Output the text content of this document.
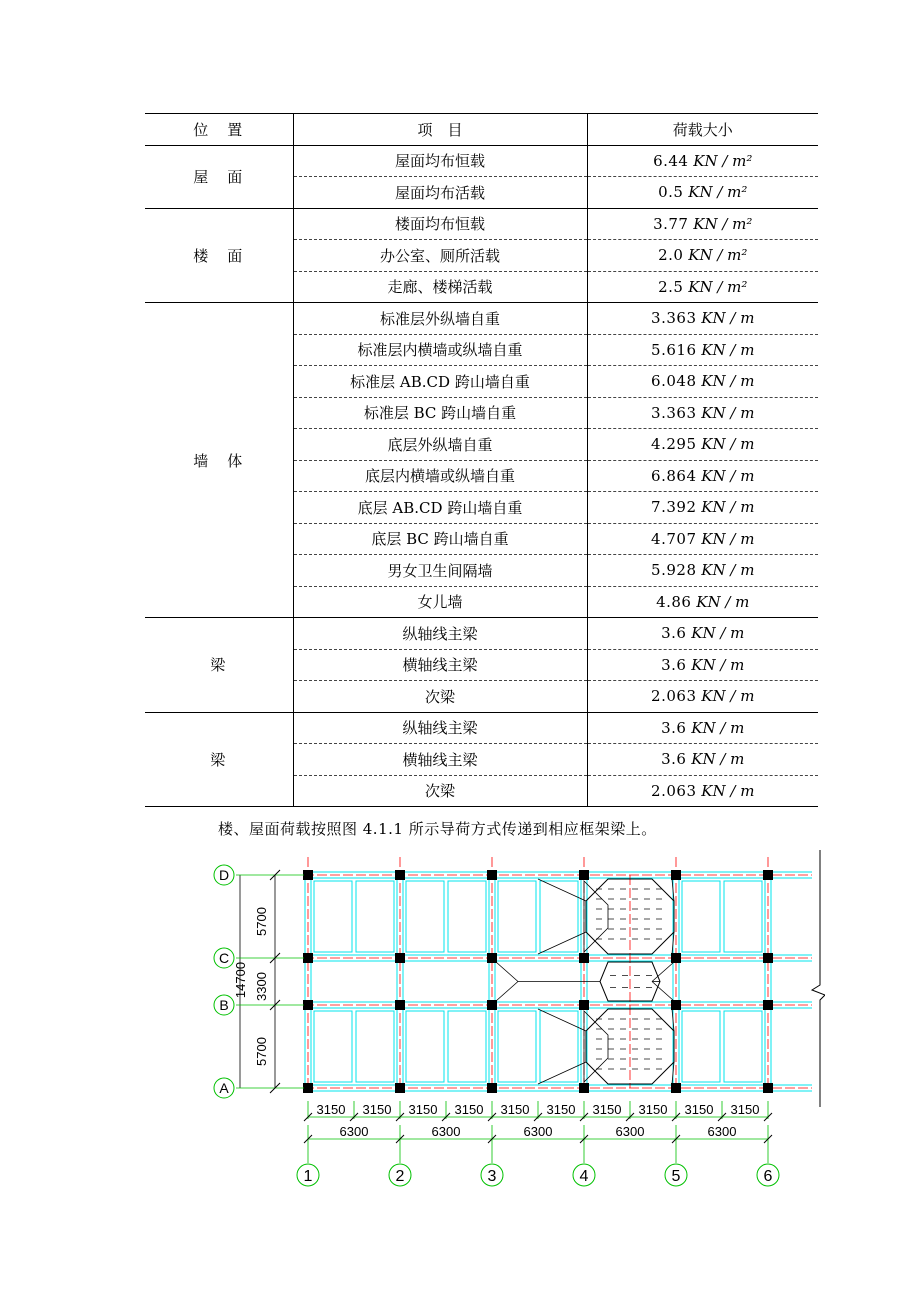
位　置	项　目	荷载大小
屋　面	屋面均布恒载	6.44 KN / m²
	屋面均布活载	0.5 KN / m²
楼　面	楼面均布恒载	3.77 KN / m²
	办公室、厕所活载	2.0 KN / m²
	走廊、楼梯活载	2.5 KN / m²
墙　体	标准层外纵墙自重	3.363 KN / m
	标准层内横墙或纵墙自重	5.616 KN / m
	标准层 AB.CD 跨山墙自重	6.048 KN / m
	标准层 BC 跨山墙自重	3.363 KN / m
	底层外纵墙自重	4.295 KN / m
	底层内横墙或纵墙自重	6.864 KN / m
	底层 AB.CD 跨山墙自重	7.392 KN / m
	底层 BC 跨山墙自重	4.707 KN / m
	男女卫生间隔墙	5.928 KN / m
	女儿墙	4.86 KN / m
梁	纵轴线主梁	3.6 KN / m
	横轴线主梁	3.6 KN / m
	次梁	2.063 KN / m
梁	纵轴线主梁	3.6 KN / m
	横轴线主梁	3.6 KN / m
	次梁	2.063 KN / m
楼、屋面荷载按照图 4.1.1 所示导荷方式传递到相应框架梁上。
5700
3300
5700
14700
D
C
B
A
3150 3150 3150 3150 3150 3150 3150 3150 3150 3150
6300	6300	6300	6300	6300
1	2	3	4	5	6
